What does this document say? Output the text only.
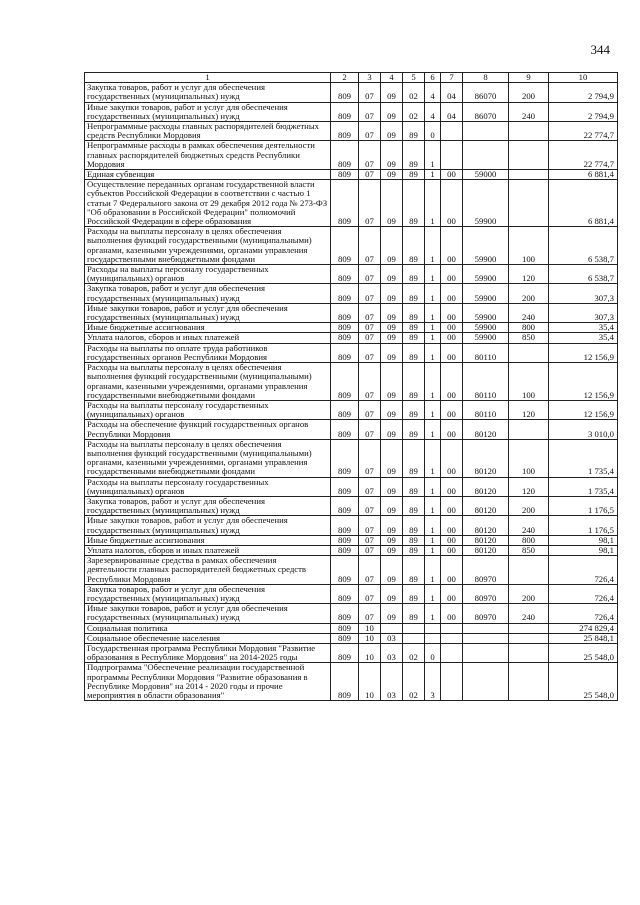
344
1	2	3	4	5	6	7	8	9	10
Закупка товаров, работ и услуг для обеспечения государственных (муниципальных) нужд	809	07	09	02	4	04	86070	200	2 794,9
Иные закупки товаров, работ и услуг для обеспечения государственных (муниципальных) нужд	809	07	09	02	4	04	86070	240	2 794,9
Непрограммные расходы главных распорядителей бюджетных средств Республики Мордовия	809	07	09	89	0				22 774,7
Непрограммные расходы в рамках обеспечения деятельности главных распорядителей бюджетных средств Республики Мордовия	809	07	09	89	1				22 774,7
Единая субвенция	809	07	09	89	1	00	59000		6 881,4
Осуществление переданных органам государственной власти субъектов Российской Федерации в соответствии с частью 1 статьи 7 Федерального закона от 29 декабря 2012 года № 273-ФЗ "Об образовании в Российской Федерации" полномочий Российской Федерации в сфере образования	809	07	09	89	1	00	59900		6 881,4
Расходы на выплаты персоналу в целях обеспечения выполнения функций государственными (муниципальными) органами, казенными учреждениями, органами управления государственными внебюджетными фондами	809	07	09	89	1	00	59900	100	6 538,7
Расходы на выплаты персоналу государственных (муниципальных) органов	809	07	09	89	1	00	59900	120	6 538,7
Закупка товаров, работ и услуг для обеспечения государственных (муниципальных) нужд	809	07	09	89	1	00	59900	200	307,3
Иные закупки товаров, работ и услуг для обеспечения государственных (муниципальных) нужд	809	07	09	89	1	00	59900	240	307,3
Иные бюджетные ассигнования	809	07	09	89	1	00	59900	800	35,4
Уплата налогов, сборов и иных платежей	809	07	09	89	1	00	59900	850	35,4
Расходы на выплаты по оплате труда работников государственных органов Республики Мордовия	809	07	09	89	1	00	80110		12 156,9
Расходы на выплаты персоналу в целях обеспечения выполнения функций государственными (муниципальными) органами, казенными учреждениями, органами управления государственными внебюджетными фондами	809	07	09	89	1	00	80110	100	12 156,9
Расходы на выплаты персоналу государственных (муниципальных) органов	809	07	09	89	1	00	80110	120	12 156,9
Расходы на обеспечение функций государственных органов Республики Мордовия	809	07	09	89	1	00	80120		3 010,0
Расходы на выплаты персоналу в целях обеспечения выполнения функций государственными (муниципальными) органами, казенными учреждениями, органами управления государственными внебюджетными фондами	809	07	09	89	1	00	80120	100	1 735,4
Расходы на выплаты персоналу государственных (муниципальных) органов	809	07	09	89	1	00	80120	120	1 735,4
Закупка товаров, работ и услуг для обеспечения государственных (муниципальных) нужд	809	07	09	89	1	00	80120	200	1 176,5
Иные закупки товаров, работ и услуг для обеспечения государственных (муниципальных) нужд	809	07	09	89	1	00	80120	240	1 176,5
Иные бюджетные ассигнования	809	07	09	89	1	00	80120	800	98,1
Уплата налогов, сборов и иных платежей	809	07	09	89	1	00	80120	850	98,1
Зарезервированные средства в рамках обеспечения деятельности главных распорядителей бюджетных средств Республики Мордовия	809	07	09	89	1	00	80970		726,4
Закупка товаров, работ и услуг для обеспечения государственных (муниципальных) нужд	809	07	09	89	1	00	80970	200	726,4
Иные закупки товаров, работ и услуг для обеспечения государственных (муниципальных) нужд	809	07	09	89	1	00	80970	240	726,4
Социальная политика	809	10							274 829,4
Социальное обеспечение населения	809	10	03						25 848,1
Государственная программа Республики Мордовия "Развитие образования в Республике Мордовия" на 2014-2025 годы	809	10	03	02	0				25 548,0
Подпрограмма "Обеспечение реализации государственной программы Республики Мордовия "Развитие образования в Республике Мордовия" на 2014 - 2020 годы и прочие мероприятия в области образования"	809	10	03	02	3				25 548,0
